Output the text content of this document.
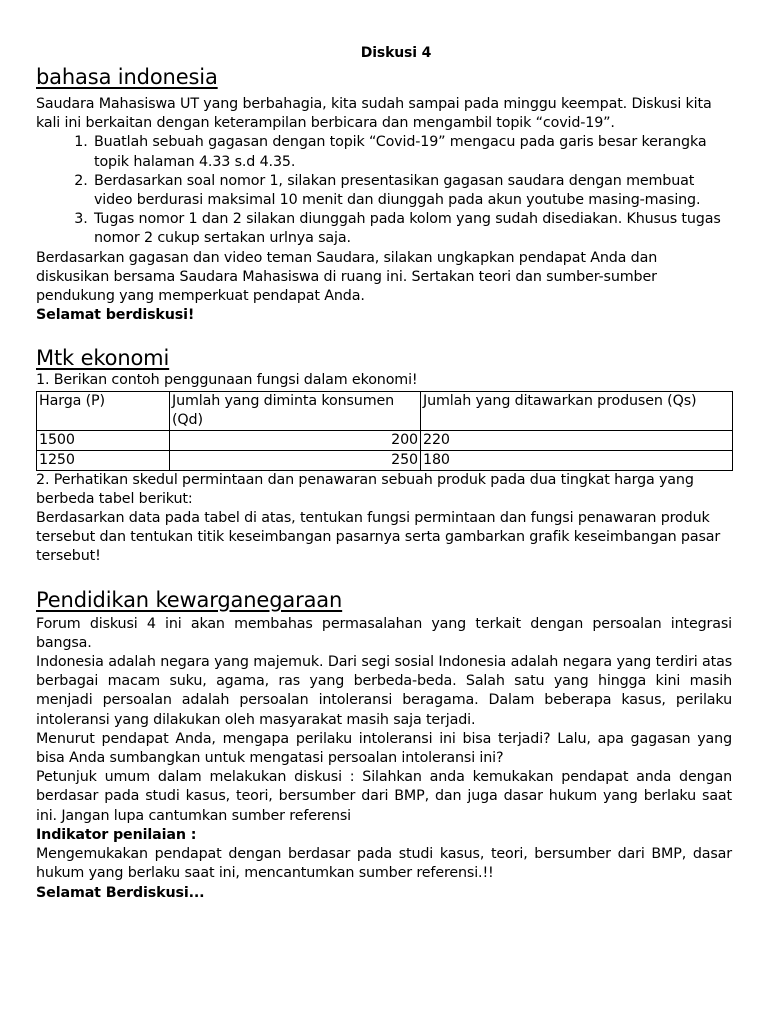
Diskusi 4

bahasa indonesia

Saudara Mahasiswa UT yang berbahagia, kita sudah sampai pada minggu keempat. Diskusi kita kali ini berkaitan dengan keterampilan berbicara dan mengambil topik “covid-19”.

1. Buatlah sebuah gagasan dengan topik “Covid-19” mengacu pada garis besar kerangka topik halaman 4.33 s.d 4.35.
2. Berdasarkan soal nomor 1, silakan presentasikan gagasan saudara dengan membuat video berdurasi maksimal 10 menit dan diunggah pada akun youtube masing-masing.
3. Tugas nomor 1 dan 2 silakan diunggah pada kolom yang sudah disediakan. Khusus tugas nomor 2 cukup sertakan urlnya saja.

Berdasarkan gagasan dan video teman Saudara, silakan ungkapkan pendapat Anda dan diskusikan bersama Saudara Mahasiswa di ruang ini. Sertakan teori dan sumber-sumber pendukung yang memperkuat pendapat Anda.

Selamat berdiskusi!

Mtk ekonomi

1. Berikan contoh penggunaan fungsi dalam ekonomi!

Harga (P)	Jumlah yang diminta konsumen (Qd)	Jumlah yang ditawarkan produsen (Qs)
1500	200	220
1250	250	180

2. Perhatikan skedul permintaan dan penawaran sebuah produk pada dua tingkat harga yang berbeda tabel berikut:

Berdasarkan data pada tabel di atas, tentukan fungsi permintaan dan fungsi penawaran produk tersebut dan tentukan titik keseimbangan pasarnya serta gambarkan grafik keseimbangan pasar tersebut!

Pendidikan kewarganegaraan

Forum diskusi 4 ini akan membahas permasalahan yang terkait dengan persoalan integrasi bangsa.

Indonesia adalah negara yang majemuk. Dari segi sosial Indonesia adalah negara yang terdiri atas berbagai macam suku, agama, ras yang berbeda-beda. Salah satu yang hingga kini masih menjadi persoalan adalah persoalan intoleransi beragama. Dalam beberapa kasus, perilaku intoleransi yang dilakukan oleh masyarakat masih saja terjadi.

Menurut pendapat Anda, mengapa perilaku intoleransi ini bisa terjadi? Lalu, apa gagasan yang bisa Anda sumbangkan untuk mengatasi persoalan intoleransi ini?

Petunjuk umum dalam melakukan diskusi : Silahkan anda kemukakan pendapat anda dengan berdasar pada studi kasus, teori, bersumber dari BMP, dan juga dasar hukum yang berlaku saat ini. Jangan lupa cantumkan sumber referensi

Indikator penilaian :

Mengemukakan pendapat dengan berdasar pada studi kasus, teori, bersumber dari BMP, dasar hukum yang berlaku saat ini, mencantumkan sumber referensi.!!

Selamat Berdiskusi...
